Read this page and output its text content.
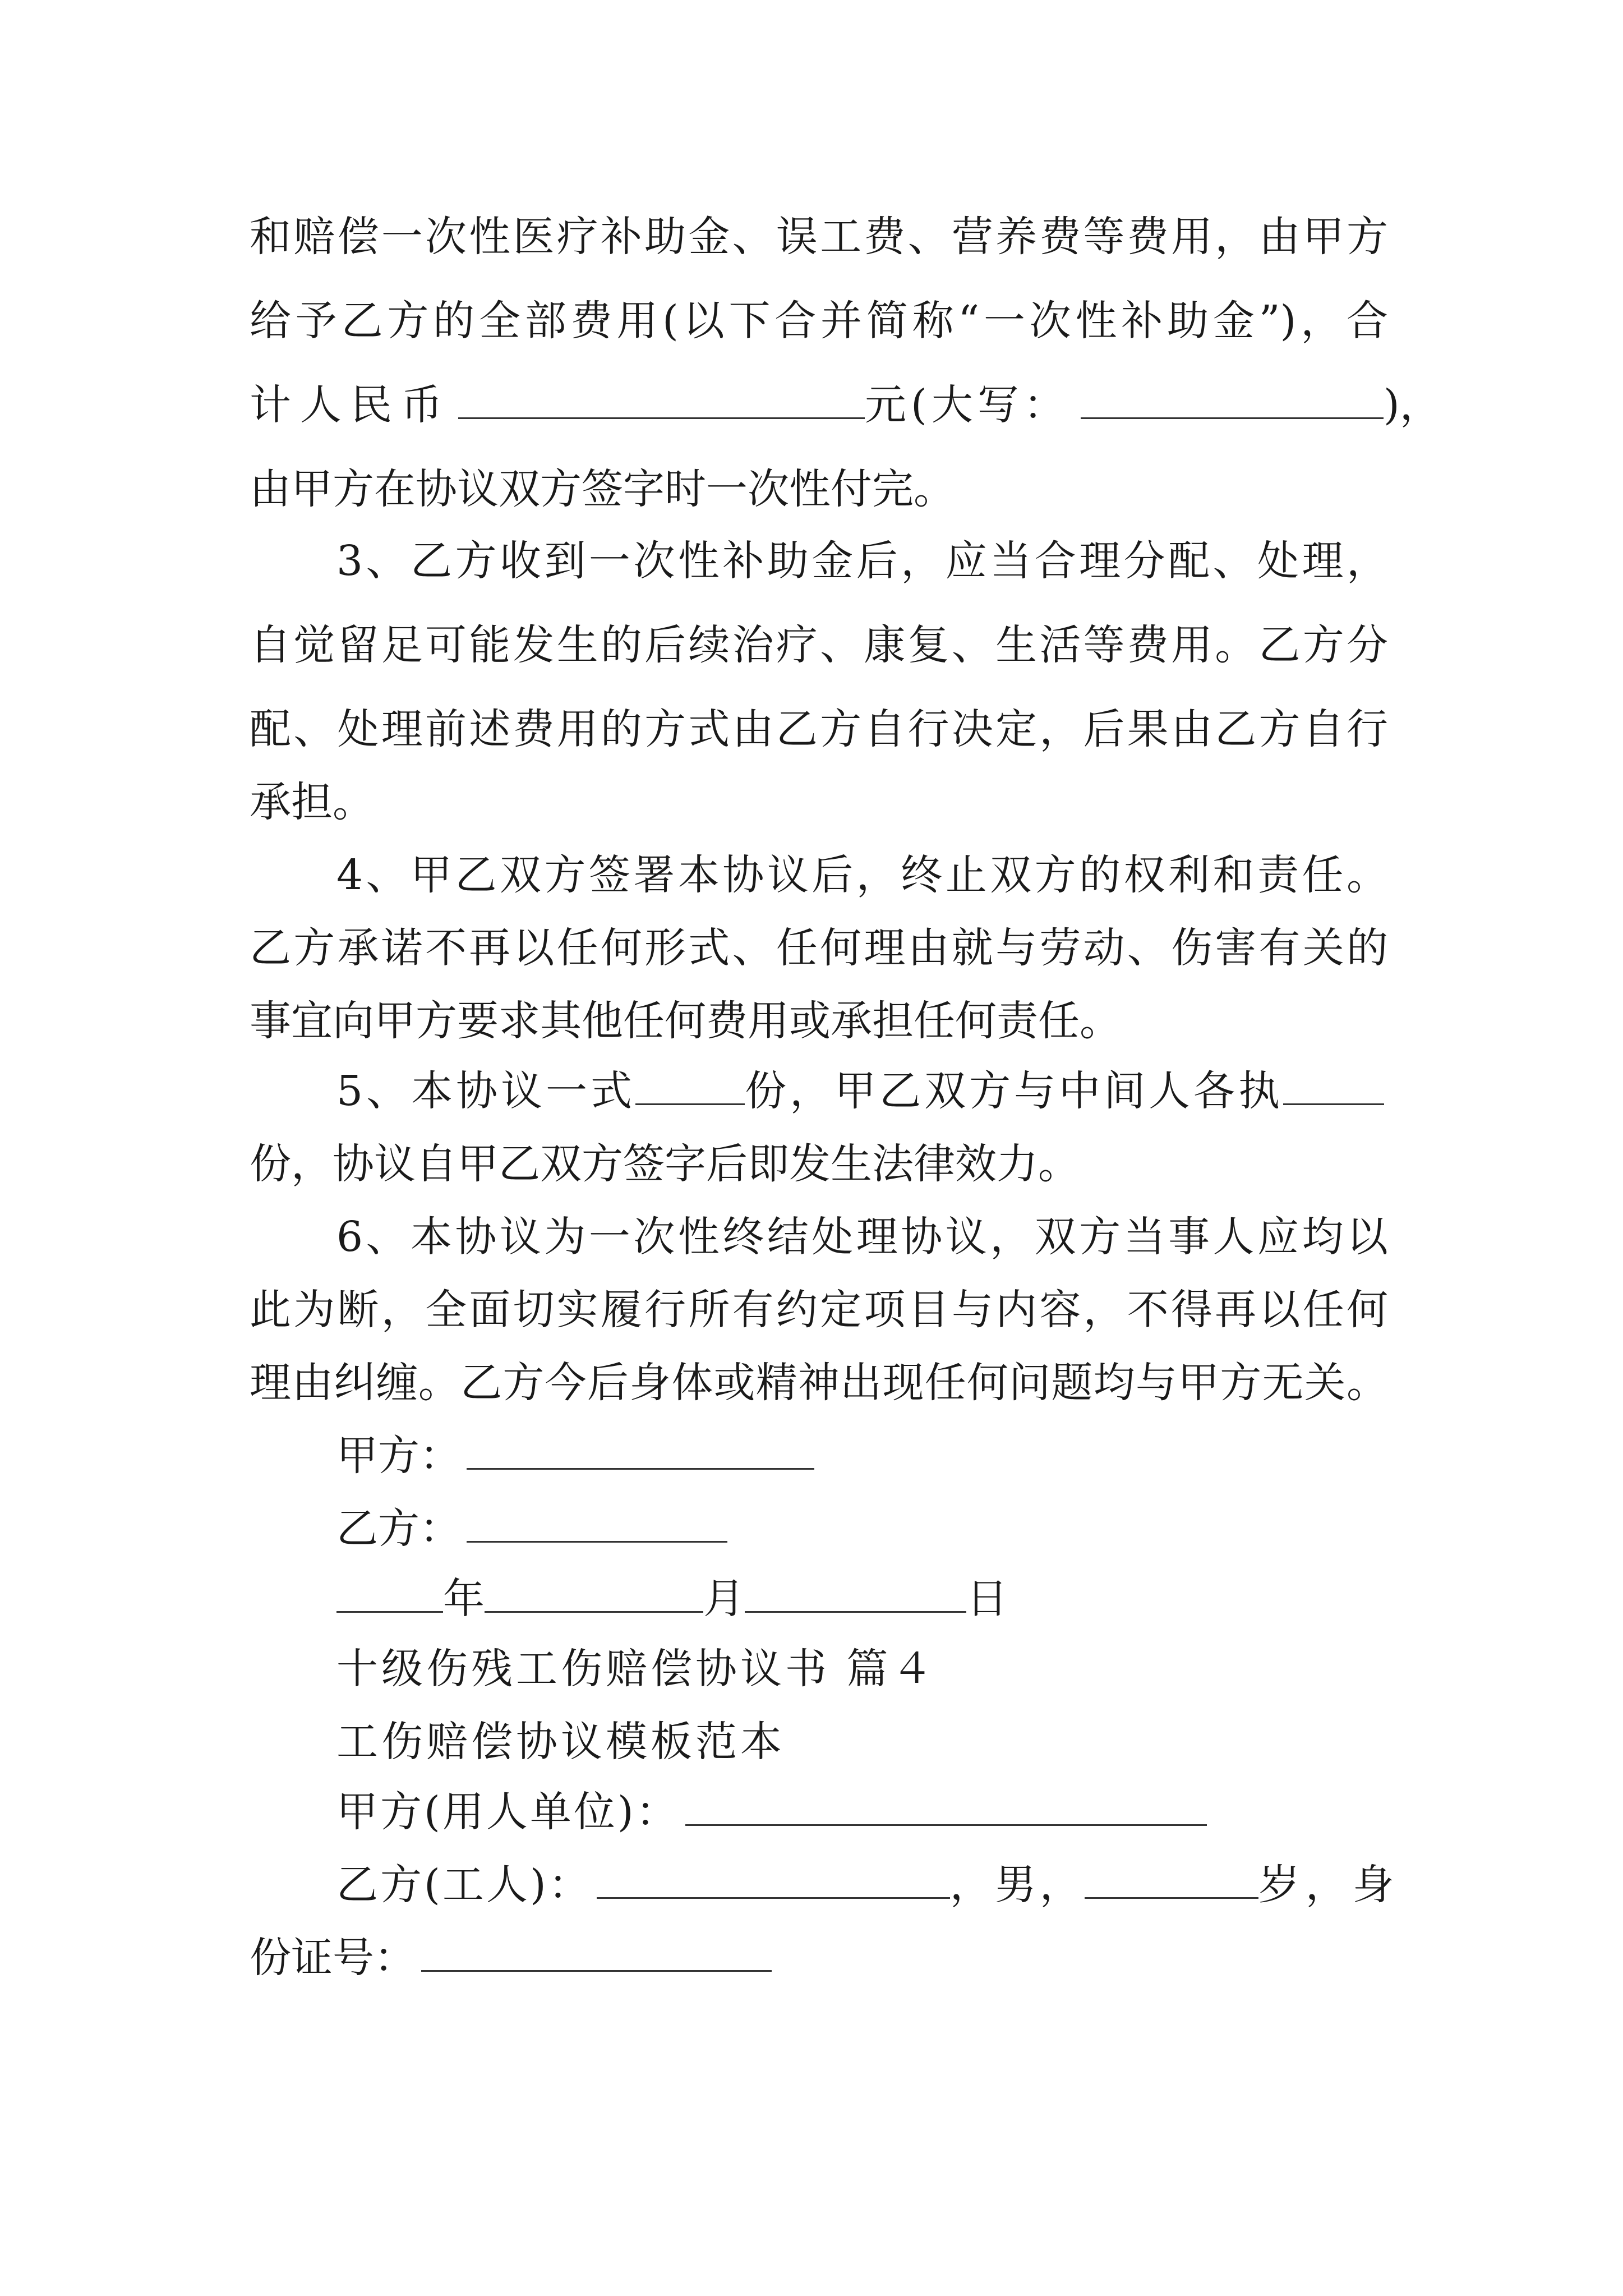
和赔偿一次性医疗补助金、误工费、营养费等费用，由甲方
给予乙方的全部费用(以下合并简称“一次性补助金”)，合
计人民币	元(大写：	)，
由甲方在协议双方签字时一次性付完。
3、乙方收到一次性补助金后，应当合理分配、处理，
自觉留足可能发生的后续治疗、康复、生活等费用。乙方分
配、处理前述费用的方式由乙方自行决定，后果由乙方自行
承担。
4、甲乙双方签署本协议后，终止双方的权利和责任。
乙方承诺不再以任何形式、任何理由就与劳动、伤害有关的
事宜向甲方要求其他任何费用或承担任何责任。
5、本协议一式	份，甲乙双方与中间人各执
份，协议自甲乙双方签字后即发生法律效力。
6、本协议为一次性终结处理协议，双方当事人应均以
此为断，全面切实履行所有约定项目与内容，不得再以任何
理由纠缠。乙方今后身体或精神出现任何问题均与甲方无关。
甲方：
乙方：
年	月	日
十级伤残工伤赔偿协议书 篇４
工伤赔偿协议模板范本
甲方(用人单位)：
乙方(工人)：	，男，	岁，身
份证号：
